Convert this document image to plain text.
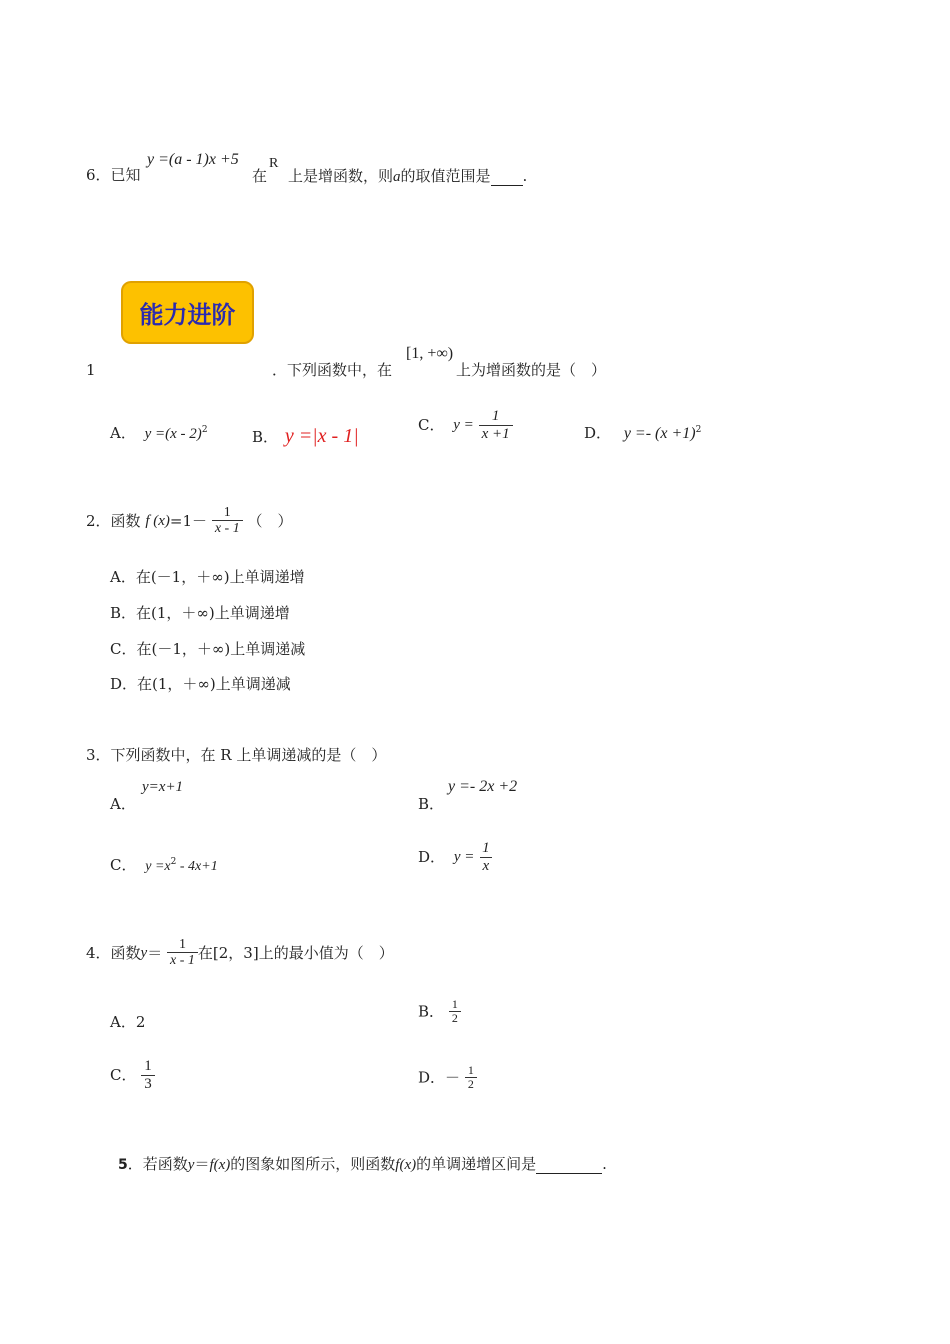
6．已知
y =(a - 1)x +5
在
R
上是增函数，则a的取值范围是 .
能力进阶
1	．下列函数中，在
[1, +∞)
上为增函数的是（　）
A． y =(x - 2)$^2$	B． y =|x - 1|	C． $y = \frac{1}{x +1}$	D． $y =- (x +1)^2$
2．函数 f $(x)=1- \frac{1}{x - 1}$ （　）
A．在(－1，＋∞)上单调递增
B．在(1，＋∞)上单调递增
C．在(－1，＋∞)上单调递减
D．在(1，＋∞)上单调递减
3．下列函数中，在 R 上单调递减的是（　）
A．
y=x+1
B．
y =- 2x +2
C． $y =x^2 - 4x+1$
D． $y = \frac{1}{x}$
4．函数$y= \frac{1}{x - 1}$ 在[2，3]上的最小值为（　）
A．2
B． $\frac{1}{2}$
C． $\frac{1}{3}$	D．－ $\frac{1}{2}$
5．若函数y＝f(x)的图象如图所示，则函数f(x)的单调递增区间是	.
